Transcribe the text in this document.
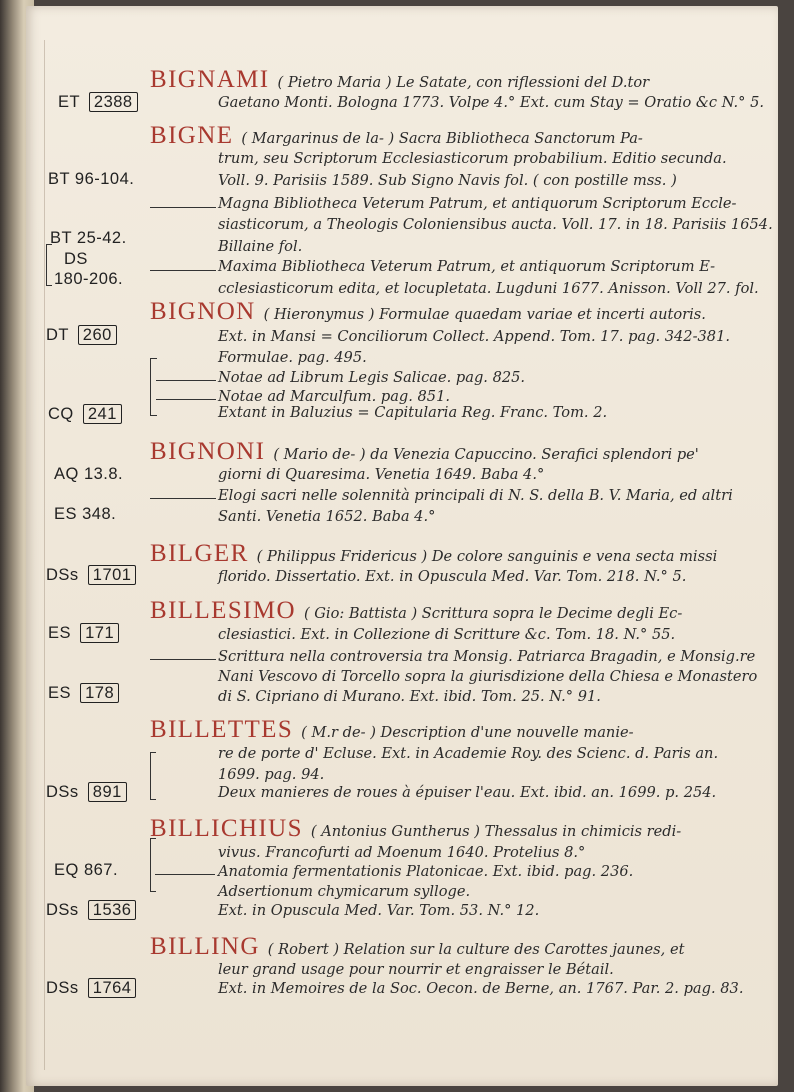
BIGNAMI ( Pietro Maria ) Le Satate, con riflessioni del D.tor
Gaetano Monti. Bologna 1773. Volpe 4.° Ext. cum Stay = Oratio &c N.° 5.
ET 2388
BIGNE ( Margarinus de la- ) Sacra Bibliotheca Sanctorum Pa-
trum, seu Scriptorum Ecclesiasticorum probabilium. Editio secunda.
Voll. 9. Parisiis 1589. Sub Signo Navis fol. ( con postille mss. )
Magna Bibliotheca Veterum Patrum, et antiquorum Scriptorum Eccle-
siasticorum, a Theologis Coloniensibus aucta. Voll. 17. in 18. Parisiis 1654.
Billaine fol.
Maxima Bibliotheca Veterum Patrum, et antiquorum Scriptorum E-
cclesiasticorum edita, et locupletata. Lugduni 1677. Anisson. Voll 27. fol.
BT 96-104.
BT 25-42.
DS
180-206.
BIGNON ( Hieronymus ) Formulae quaedam variae et incerti autoris.
Ext. in Mansi = Conciliorum Collect. Append. Tom. 17. pag. 342-381.
Formulae. pag. 495.
Notae ad Librum Legis Salicae. pag. 825.
Notae ad Marculfum. pag. 851.
Extant in Baluzius = Capitularia Reg. Franc. Tom. 2.
DT 260
CQ 241
BIGNONI ( Mario de- ) da Venezia Capuccino. Serafici splendori pe'
giorni di Quaresima. Venetia 1649. Baba 4.°
Elogi sacri nelle solennità principali di N. S. della B. V. Maria, ed altri
Santi. Venetia 1652. Baba 4.°
AQ 13.8.
ES 348.
BILGER ( Philippus Fridericus ) De colore sanguinis e vena secta missi
florido. Dissertatio. Ext. in Opuscula Med. Var. Tom. 218. N.° 5.
DSs 1701
BILLESIMO ( Gio: Battista ) Scrittura sopra le Decime degli Ec-
clesiastici. Ext. in Collezione di Scritture &c. Tom. 18. N.° 55.
Scrittura nella controversia tra Monsig. Patriarca Bragadin, e Monsig.re
Nani Vescovo di Torcello sopra la giurisdizione della Chiesa e Monastero
di S. Cipriano di Murano. Ext. ibid. Tom. 25. N.° 91.
ES 171
ES 178
BILLETTES ( M.r de- ) Description d'une nouvelle manie-
re de porte d' Ecluse. Ext. in Academie Roy. des Scienc. d. Paris an.
1699. pag. 94.
Deux manieres de roues à épuiser l'eau. Ext. ibid. an. 1699. p. 254.
DSs 891
BILLICHIUS ( Antonius Guntherus ) Thessalus in chimicis redi-
vivus. Francofurti ad Moenum 1640. Protelius 8.°
Anatomia fermentationis Platonicae. Ext. ibid. pag. 236.
Adsertionum chymicarum sylloge.
Ext. in Opuscula Med. Var. Tom. 53. N.° 12.
EQ 867.
DSs 1536
BILLING ( Robert ) Relation sur la culture des Carottes jaunes, et
leur grand usage pour nourrir et engraisser le Bétail.
Ext. in Memoires de la Soc. Oecon. de Berne, an. 1767. Par. 2. pag. 83.
DSs 1764
